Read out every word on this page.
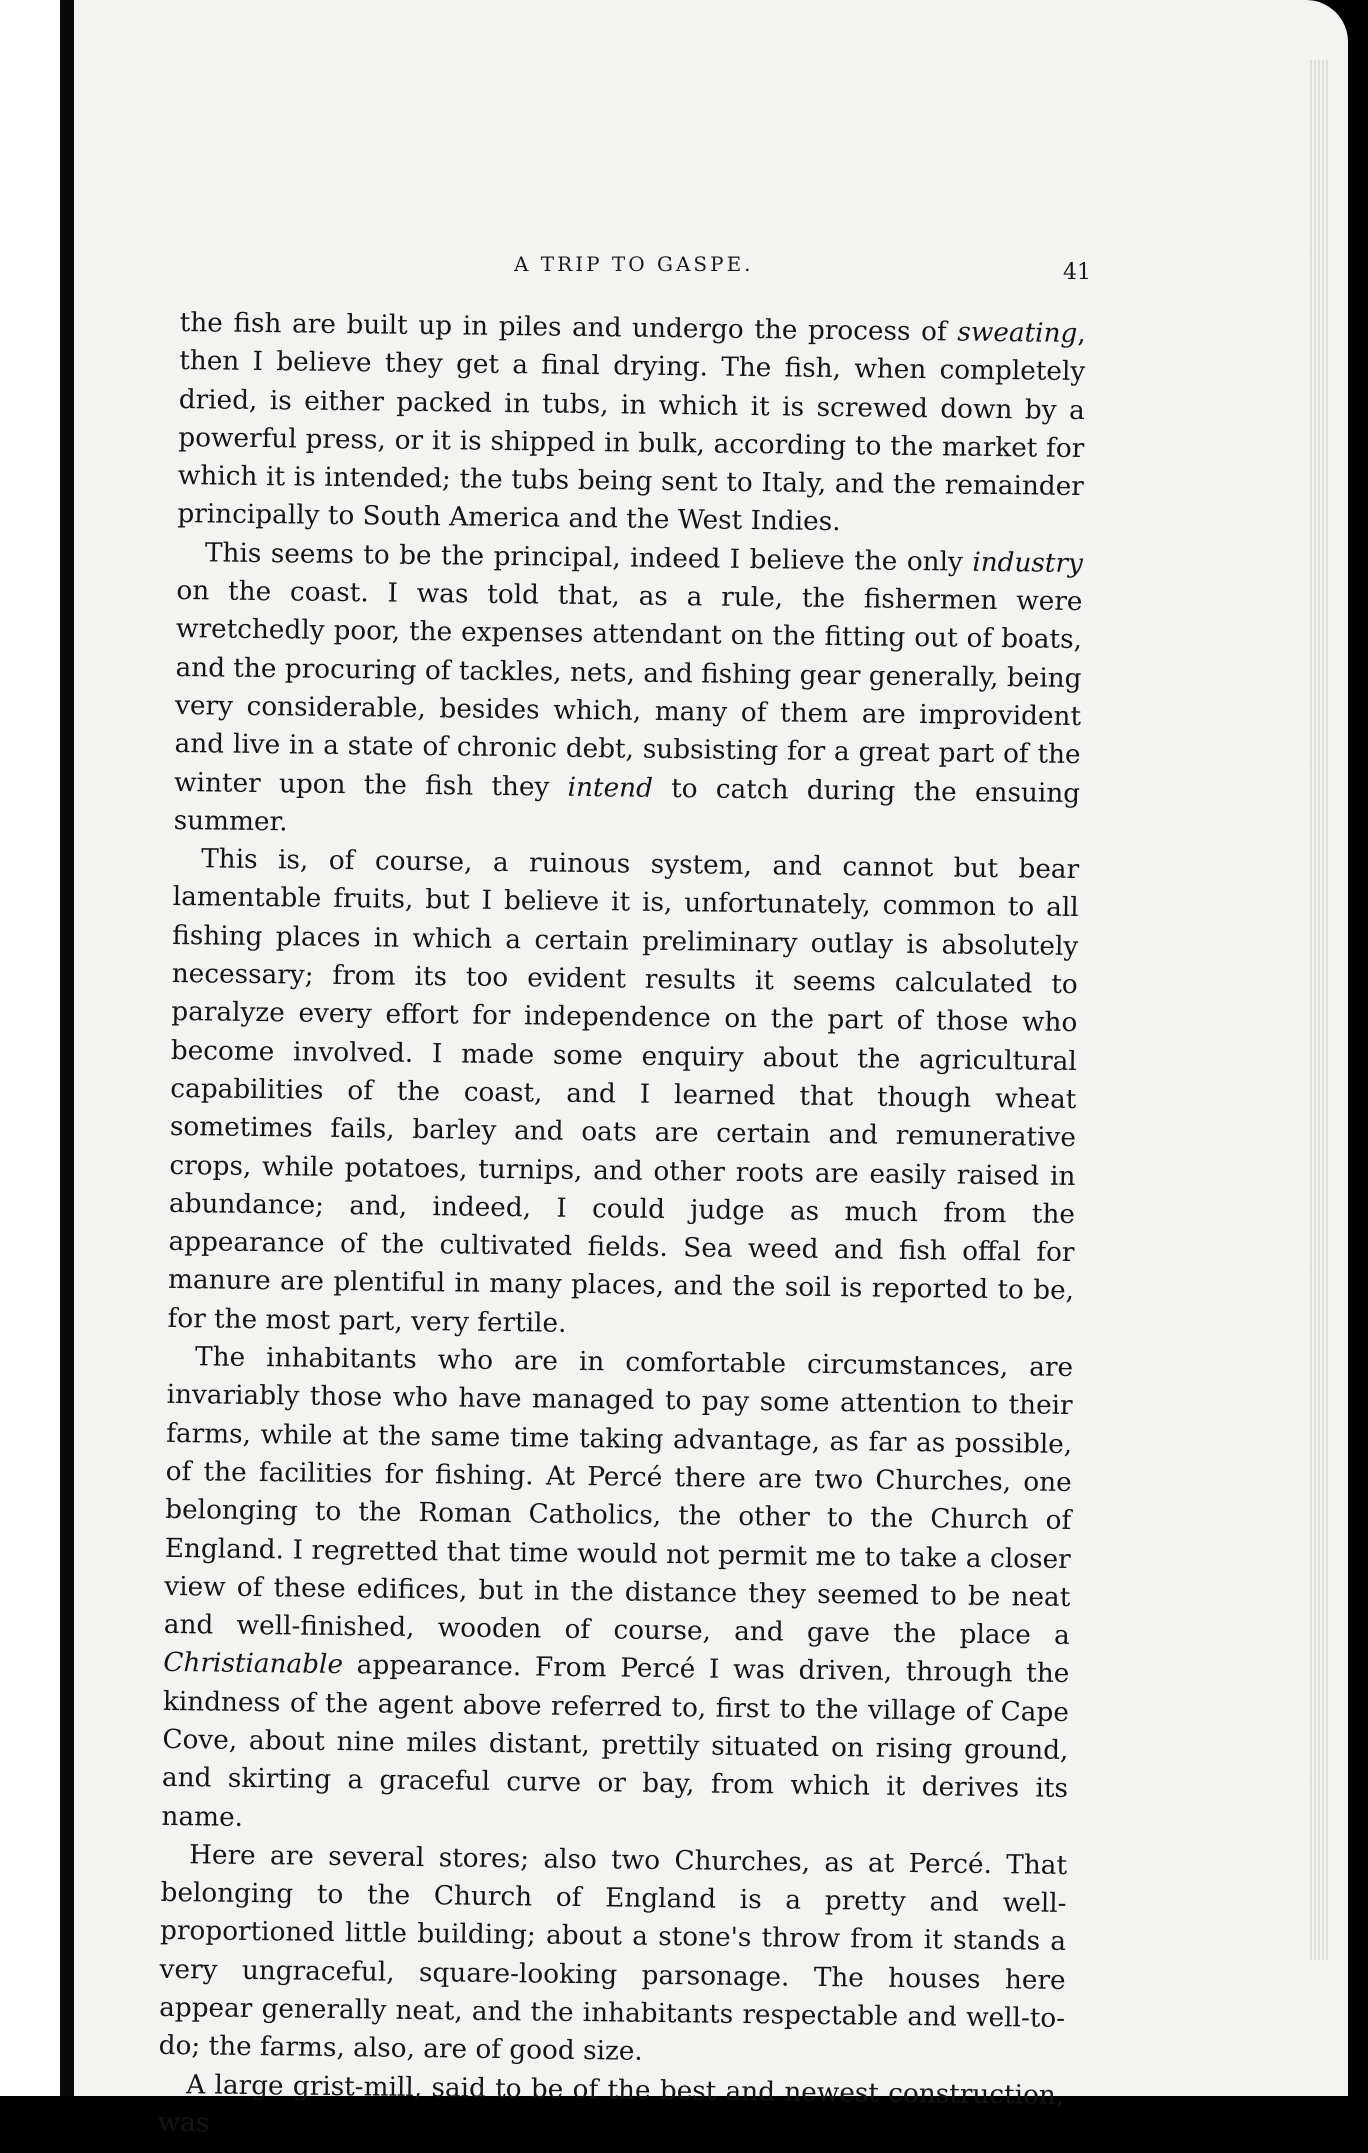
A TRIP TO GASPE.	41

the fish are built up in piles and undergo the process of sweating, then I believe they get a final drying. The fish, when completely dried, is either packed in tubs, in which it is screwed down by a powerful press, or it is shipped in bulk, according to the market for which it is intended; the tubs being sent to Italy, and the remainder principally to South America and the West Indies.

This seems to be the principal, indeed I believe the only industry on the coast. I was told that, as a rule, the fishermen were wretchedly poor, the expenses attendant on the fitting out of boats, and the procuring of tackles, nets, and fishing gear generally, being very considerable, besides which, many of them are improvident and live in a state of chronic debt, subsisting for a great part of the winter upon the fish they intend to catch during the ensuing summer.

This is, of course, a ruinous system, and cannot but bear lamentable fruits, but I believe it is, unfortunately, common to all fishing places in which a certain preliminary outlay is absolutely necessary; from its too evident results it seems calculated to paralyze every effort for independence on the part of those who become involved. I made some enquiry about the agricultural capabilities of the coast, and I learned that though wheat sometimes fails, barley and oats are certain and remunerative crops, while potatoes, turnips, and other roots are easily raised in abundance; and, indeed, I could judge as much from the appearance of the cultivated fields. Sea weed and fish offal for manure are plentiful in many places, and the soil is reported to be, for the most part, very fertile.

The inhabitants who are in comfortable circumstances, are invariably those who have managed to pay some attention to their farms, while at the same time taking advantage, as far as possible, of the facilities for fishing. At Percé there are two Churches, one belonging to the Roman Catholics, the other to the Church of England. I regretted that time would not permit me to take a closer view of these edifices, but in the distance they seemed to be neat and well-finished, wooden of course, and gave the place a Christianable appearance. From Percé I was driven, through the kindness of the agent above referred to, first to the village of Cape Cove, about nine miles distant, prettily situated on rising ground, and skirting a graceful curve or bay, from which it derives its name.

Here are several stores; also two Churches, as at Percé. That belonging to the Church of England is a pretty and well-proportioned little building; about a stone's throw from it stands a very ungraceful, square-looking parsonage. The houses here appear generally neat, and the inhabitants respectable and well-to-do; the farms, also, are of good size.

A large grist-mill, said to be of the best and newest construction, was
